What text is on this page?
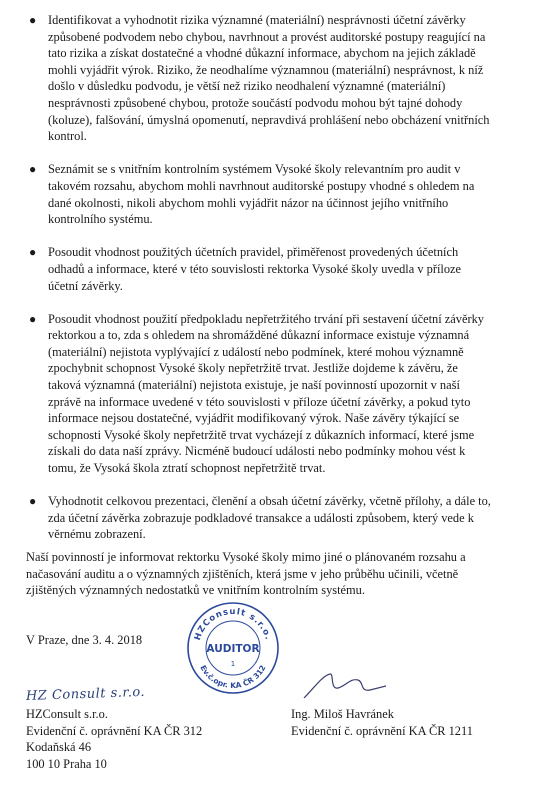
● Identifikovat a vyhodnotit rizika významné (materiální) nesprávnosti účetní závěrky
způsobené podvodem nebo chybou, navrhnout a provést auditorské postupy reagující na
tato rizika a získat dostatečné a vhodné důkazní informace, abychom na jejich základě
mohli vyjádřit výrok. Riziko, že neodhalíme významnou (materiální) nesprávnost, k níž
došlo v důsledku podvodu, je větší než riziko neodhalení významné (materiální)
nesprávnosti způsobené chybou, protože součástí podvodu mohou být tajné dohody
(koluze), falšování, úmyslná opomenutí, nepravdivá prohlášení nebo obcházení vnitřních
kontrol.
● Seznámit se s vnitřním kontrolním systémem Vysoké školy relevantním pro audit v
takovém rozsahu, abychom mohli navrhnout auditorské postupy vhodné s ohledem na
dané okolnosti, nikoli abychom mohli vyjádřit názor na účinnost jejího vnitřního
kontrolního systému.
● Posoudit vhodnost použitých účetních pravidel, přiměřenost provedených účetních
odhadů a informace, které v této souvislosti rektorka Vysoké školy uvedla v příloze
účetní závěrky.
● Posoudit vhodnost použití předpokladu nepřetržitého trvání při sestavení účetní závěrky
rektorkou a to, zda s ohledem na shromážděné důkazní informace existuje významná
(materiální) nejistota vyplývající z událostí nebo podmínek, které mohou významně
zpochybnit schopnost Vysoké školy nepřetržitě trvat. Jestliže dojdeme k závěru, že
taková významná (materiální) nejistota existuje, je naší povinností upozornit v naší
zprávě na informace uvedené v této souvislosti v příloze účetní závěrky, a pokud tyto
informace nejsou dostatečné, vyjádřit modifikovaný výrok. Naše závěry týkající se
schopnosti Vysoké školy nepřetržitě trvat vycházejí z důkazních informací, které jsme
získali do data naší zprávy. Nicméně budoucí události nebo podmínky mohou vést k
tomu, že Vysoká škola ztratí schopnost nepřetržitě trvat.
● Vyhodnotit celkovou prezentaci, členění a obsah účetní závěrky, včetně přílohy, a dále to,
zda účetní závěrka zobrazuje podkladové transakce a události způsobem, který vede k
věrnému zobrazení.
Naší povinností je informovat rektorku Vysoké školy mimo jiné o plánovaném rozsahu a
načasování auditu a o významných zjištěních, která jsme v jeho průběhu učinili, včetně
zjištěných významných nedostatků ve vnitřním kontrolním systému.
V Praze, dne 3. 4. 2018	HZConsult s.r.o.
AUDITOR
1
Ev.č.opr. KA ČR 312
HZ Consult s.r.o.
HZConsult s.r.o.
Evidenční č. oprávnění KA ČR 312
Kodaňská 46
100 10 Praha 10
Ing. Miloš Havránek
Evidenční č. oprávnění KA ČR 1211
